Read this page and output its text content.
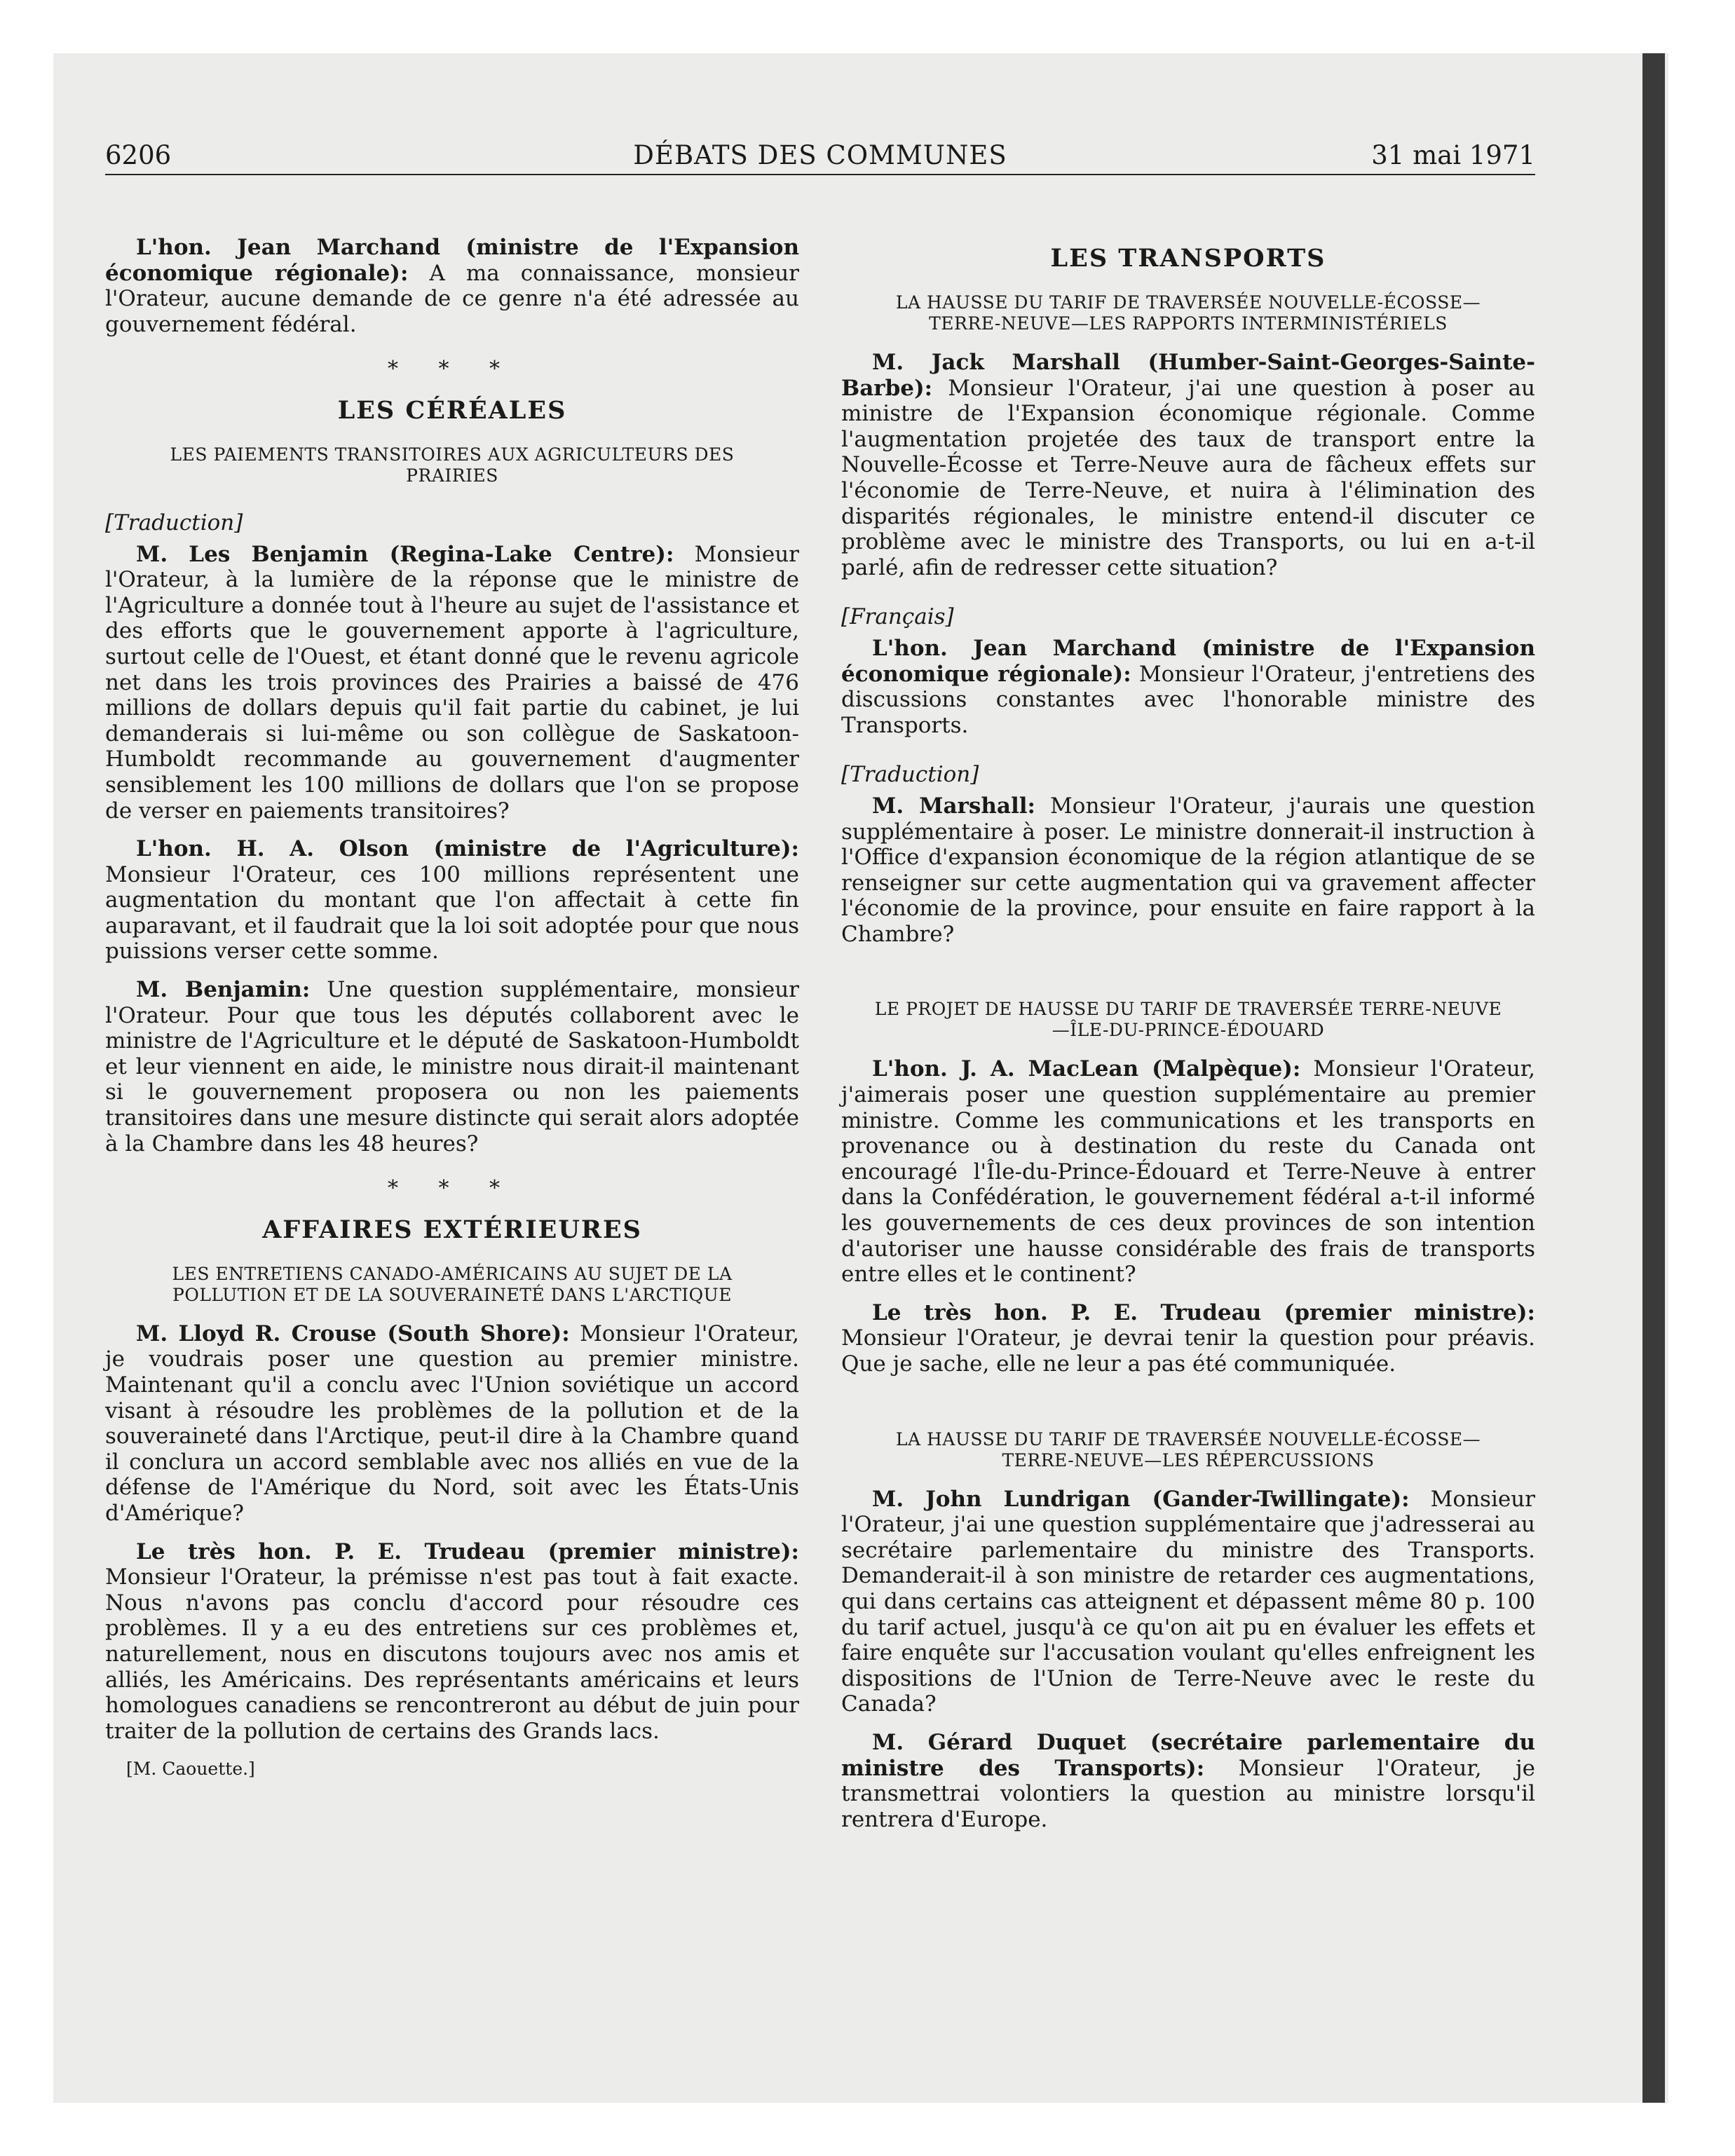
6206	DÉBATS DES COMMUNES	31 mai 1971

L'hon. Jean Marchand (ministre de l'Expansion économique régionale): A ma connaissance, monsieur l'Orateur, aucune demande de ce genre n'a été adressée au gouvernement fédéral.

* * *
LES CÉRÉALES
LES PAIEMENTS TRANSITOIRES AUX AGRICULTEURS DES PRAIRIES
[Traduction]

M. Les Benjamin (Regina-Lake Centre): Monsieur l'Orateur, à la lumière de la réponse que le ministre de l'Agriculture a donnée tout à l'heure au sujet de l'assistance et des efforts que le gouvernement apporte à l'agriculture, surtout celle de l'Ouest, et étant donné que le revenu agricole net dans les trois provinces des Prairies a baissé de 476 millions de dollars depuis qu'il fait partie du cabinet, je lui demanderais si lui-même ou son collègue de Saskatoon-Humboldt recommande au gouvernement d'augmenter sensiblement les 100 millions de dollars que l'on se propose de verser en paiements transitoires?

L'hon. H. A. Olson (ministre de l'Agriculture): Monsieur l'Orateur, ces 100 millions représentent une augmentation du montant que l'on affectait à cette fin auparavant, et il faudrait que la loi soit adoptée pour que nous puissions verser cette somme.

M. Benjamin: Une question supplémentaire, monsieur l'Orateur. Pour que tous les députés collaborent avec le ministre de l'Agriculture et le député de Saskatoon-Humboldt et leur viennent en aide, le ministre nous dirait-il maintenant si le gouvernement proposera ou non les paiements transitoires dans une mesure distincte qui serait alors adoptée à la Chambre dans les 48 heures?

* * *
AFFAIRES EXTÉRIEURES
LES ENTRETIENS CANADO-AMÉRICAINS AU SUJET DE LA POLLUTION ET DE LA SOUVERAINETÉ DANS L'ARCTIQUE

M. Lloyd R. Crouse (South Shore): Monsieur l'Orateur, je voudrais poser une question au premier ministre. Maintenant qu'il a conclu avec l'Union soviétique un accord visant à résoudre les problèmes de la pollution et de la souveraineté dans l'Arctique, peut-il dire à la Chambre quand il conclura un accord semblable avec nos alliés en vue de la défense de l'Amérique du Nord, soit avec les États-Unis d'Amérique?

Le très hon. P. E. Trudeau (premier ministre): Monsieur l'Orateur, la prémisse n'est pas tout à fait exacte. Nous n'avons pas conclu d'accord pour résoudre ces problèmes. Il y a eu des entretiens sur ces problèmes et, naturellement, nous en discutons toujours avec nos amis et alliés, les Américains. Des représentants américains et leurs homologues canadiens se rencontreront au début de juin pour traiter de la pollution de certains des Grands lacs.

[M. Caouette.]
LES TRANSPORTS
LA HAUSSE DU TARIF DE TRAVERSÉE NOUVELLE-ÉCOSSE—TERRE-NEUVE—LES RAPPORTS INTERMINISTÉRIELS

M. Jack Marshall (Humber-Saint-Georges-Sainte-Barbe): Monsieur l'Orateur, j'ai une question à poser au ministre de l'Expansion économique régionale. Comme l'augmentation projetée des taux de transport entre la Nouvelle-Écosse et Terre-Neuve aura de fâcheux effets sur l'économie de Terre-Neuve, et nuira à l'élimination des disparités régionales, le ministre entend-il discuter ce problème avec le ministre des Transports, ou lui en a-t-il parlé, afin de redresser cette situation?

[Français]

L'hon. Jean Marchand (ministre de l'Expansion économique régionale): Monsieur l'Orateur, j'entretiens des discussions constantes avec l'honorable ministre des Transports.

[Traduction]

M. Marshall: Monsieur l'Orateur, j'aurais une question supplémentaire à poser. Le ministre donnerait-il instruction à l'Office d'expansion économique de la région atlantique de se renseigner sur cette augmentation qui va gravement affecter l'économie de la province, pour ensuite en faire rapport à la Chambre?

LE PROJET DE HAUSSE DU TARIF DE TRAVERSÉE TERRE-NEUVE—ÎLE-DU-PRINCE-ÉDOUARD

L'hon. J. A. MacLean (Malpèque): Monsieur l'Orateur, j'aimerais poser une question supplémentaire au premier ministre. Comme les communications et les transports en provenance ou à destination du reste du Canada ont encouragé l'Île-du-Prince-Édouard et Terre-Neuve à entrer dans la Confédération, le gouvernement fédéral a-t-il informé les gouvernements de ces deux provinces de son intention d'autoriser une hausse considérable des frais de transports entre elles et le continent?

Le très hon. P. E. Trudeau (premier ministre): Monsieur l'Orateur, je devrai tenir la question pour préavis. Que je sache, elle ne leur a pas été communiquée.

LA HAUSSE DU TARIF DE TRAVERSÉE NOUVELLE-ÉCOSSE—TERRE-NEUVE—LES RÉPERCUSSIONS

M. John Lundrigan (Gander-Twillingate): Monsieur l'Orateur, j'ai une question supplémentaire que j'adresserai au secrétaire parlementaire du ministre des Transports. Demanderait-il à son ministre de retarder ces augmentations, qui dans certains cas atteignent et dépassent même 80 p. 100 du tarif actuel, jusqu'à ce qu'on ait pu en évaluer les effets et faire enquête sur l'accusation voulant qu'elles enfreignent les dispositions de l'Union de Terre-Neuve avec le reste du Canada?

M. Gérard Duquet (secrétaire parlementaire du ministre des Transports): Monsieur l'Orateur, je transmettrai volontiers la question au ministre lorsqu'il rentrera d'Europe.
